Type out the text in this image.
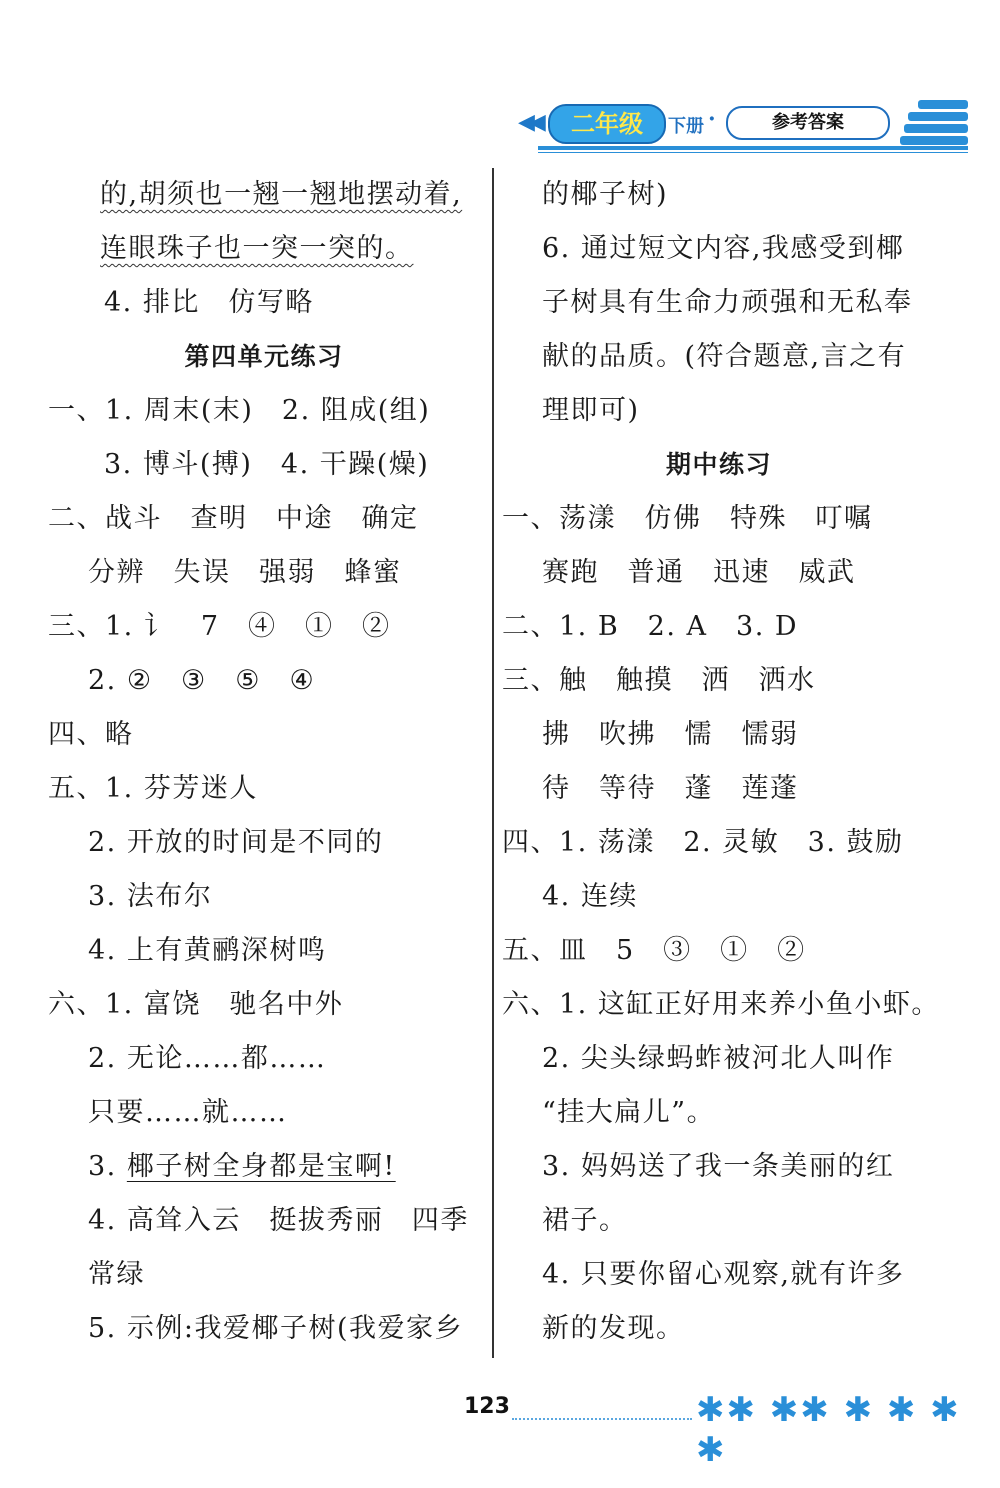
◀◀	二年级	下册 ·	参考答案
的,胡须也一翘一翘地摆动着,
连眼珠子也一突一突的。
4. 排比　仿写略
第四单元练习
一、1. 周末(末)　2. 阻成(组)
3. 博斗(搏)　4. 干躁(燥)
二、战斗　查明　中途　确定
分辨　失误　强弱　蜂蜜
三、1. 讠　7　④　①　②
2. ②　③　⑤　④
四、略
五、1. 芬芳迷人
2. 开放的时间是不同的
3. 法布尔
4. 上有黄鹂深树鸣
六、1. 富饶　驰名中外
2. 无论……都……
只要……就……
3. 椰子树全身都是宝啊!
4. 高耸入云　挺拔秀丽　四季
常绿
5. 示例:我爱椰子树(我爱家乡
的椰子树)
6. 通过短文内容,我感受到椰
子树具有生命力顽强和无私奉
献的品质。(符合题意,言之有
理即可)
期中练习
一、荡漾　仿佛　特殊　叮嘱
赛跑　普通　迅速　威武
二、1. B　2. A　3. D
三、触　触摸　洒　洒水
拂　吹拂　懦　懦弱
待　等待　蓬　莲蓬
四、1. 荡漾　2. 灵敏　3. 鼓励
4. 连续
五、皿　5　③　①　②
六、1. 这缸正好用来养小鱼小虾。
2. 尖头绿蚂蚱被河北人叫作
“挂大扁儿”。
3. 妈妈送了我一条美丽的红
裙子。
4. 只要你留心观察,就有许多
新的发现。
123	✱✱ ✱✱ ✱ ✱ ✱ ✱
